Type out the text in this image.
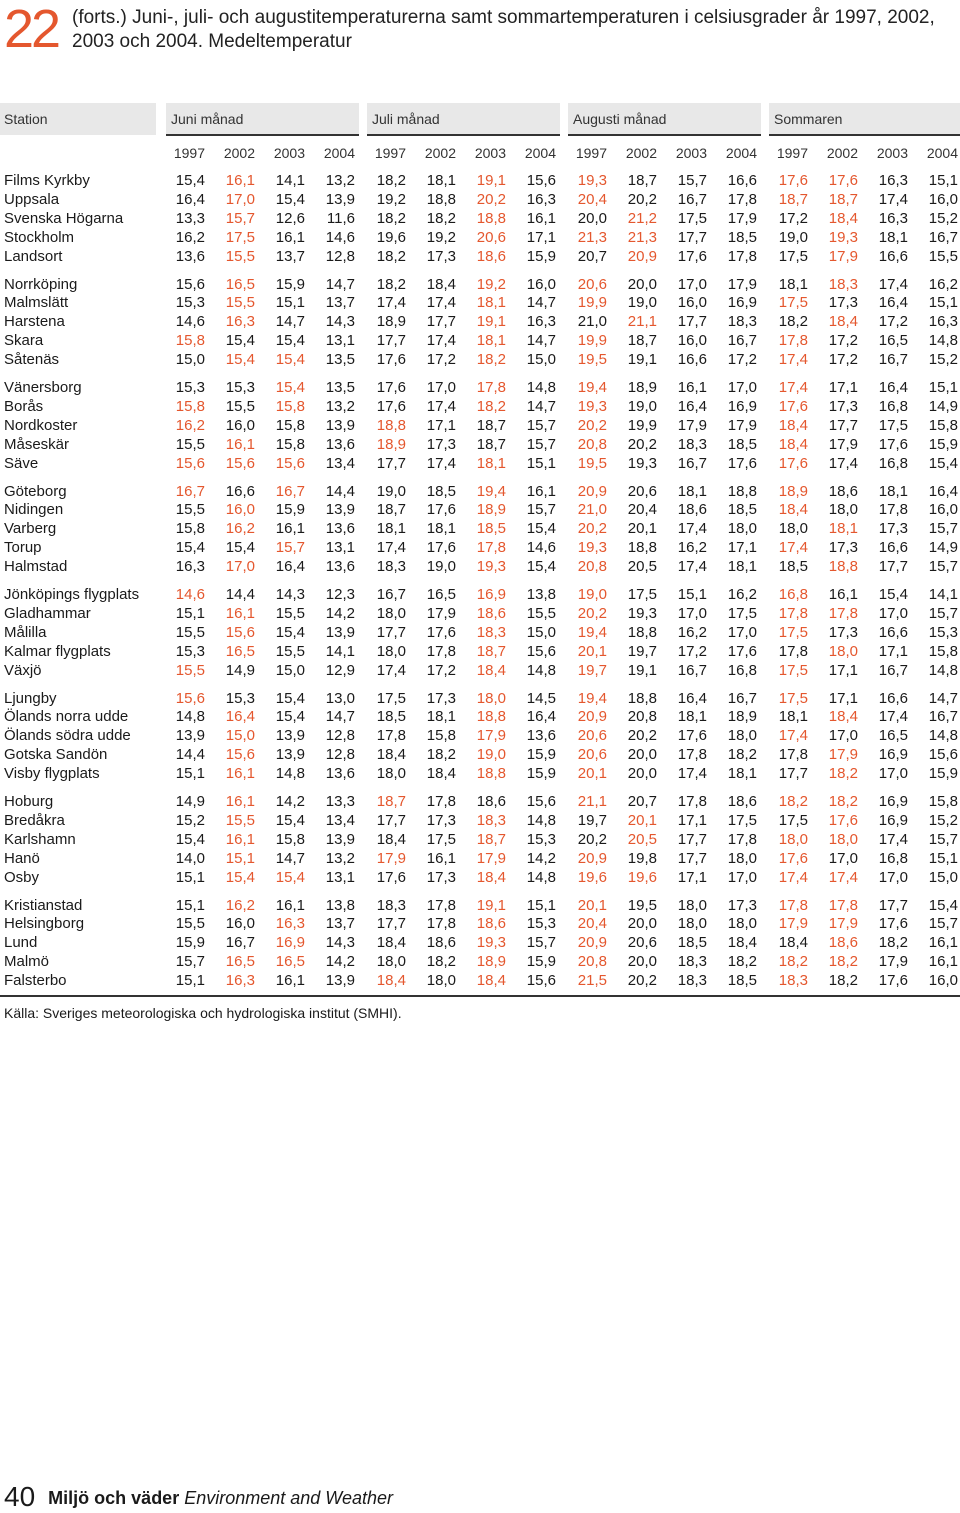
22 (forts.) Juni-, juli- och augustitemperaturerna samt sommartemperaturen i celsiusgrader år 1997, 2002, 2003 och 2004. Medeltemperatur
Station	Juni månad	Juli månad	Augusti månad	Sommaren
1997	2002	2003	2004	1997	2002	2003	2004	1997	2002	2003	2004	1997	2002	2003	2004
Films Kyrkby	15,4	16,1	14,1	13,2	18,2	18,1	19,1	15,6	19,3	18,7	15,7	16,6	17,6	17,6	16,3	15,1
Uppsala	16,4	17,0	15,4	13,9	19,2	18,8	20,2	16,3	20,4	20,2	16,7	17,8	18,7	18,7	17,4	16,0
Svenska Högarna	13,3	15,7	12,6	11,6	18,2	18,2	18,8	16,1	20,0	21,2	17,5	17,9	17,2	18,4	16,3	15,2
Stockholm	16,2	17,5	16,1	14,6	19,6	19,2	20,6	17,1	21,3	21,3	17,7	18,5	19,0	19,3	18,1	16,7
Landsort	13,6	15,5	13,7	12,8	18,2	17,3	18,6	15,9	20,7	20,9	17,6	17,8	17,5	17,9	16,6	15,5
Norrköping	15,6	16,5	15,9	14,7	18,2	18,4	19,2	16,0	20,6	20,0	17,0	17,9	18,1	18,3	17,4	16,2
Malmslätt	15,3	15,5	15,1	13,7	17,4	17,4	18,1	14,7	19,9	19,0	16,0	16,9	17,5	17,3	16,4	15,1
Harstena	14,6	16,3	14,7	14,3	18,9	17,7	19,1	16,3	21,0	21,1	17,7	18,3	18,2	18,4	17,2	16,3
Skara	15,8	15,4	15,4	13,1	17,7	17,4	18,1	14,7	19,9	18,7	16,0	16,7	17,8	17,2	16,5	14,8
Såtenäs	15,0	15,4	15,4	13,5	17,6	17,2	18,2	15,0	19,5	19,1	16,6	17,2	17,4	17,2	16,7	15,2
Vänersborg	15,3	15,3	15,4	13,5	17,6	17,0	17,8	14,8	19,4	18,9	16,1	17,0	17,4	17,1	16,4	15,1
Borås	15,8	15,5	15,8	13,2	17,6	17,4	18,2	14,7	19,3	19,0	16,4	16,9	17,6	17,3	16,8	14,9
Nordkoster	16,2	16,0	15,8	13,9	18,8	17,1	18,7	15,7	20,2	19,9	17,9	17,9	18,4	17,7	17,5	15,8
Måseskär	15,5	16,1	15,8	13,6	18,9	17,3	18,7	15,7	20,8	20,2	18,3	18,5	18,4	17,9	17,6	15,9
Säve	15,6	15,6	15,6	13,4	17,7	17,4	18,1	15,1	19,5	19,3	16,7	17,6	17,6	17,4	16,8	15,4
Göteborg	16,7	16,6	16,7	14,4	19,0	18,5	19,4	16,1	20,9	20,6	18,1	18,8	18,9	18,6	18,1	16,4
Nidingen	15,5	16,0	15,9	13,9	18,7	17,6	18,9	15,7	21,0	20,4	18,6	18,5	18,4	18,0	17,8	16,0
Varberg	15,8	16,2	16,1	13,6	18,1	18,1	18,5	15,4	20,2	20,1	17,4	18,0	18,0	18,1	17,3	15,7
Torup	15,4	15,4	15,7	13,1	17,4	17,6	17,8	14,6	19,3	18,8	16,2	17,1	17,4	17,3	16,6	14,9
Halmstad	16,3	17,0	16,4	13,6	18,3	19,0	19,3	15,4	20,8	20,5	17,4	18,1	18,5	18,8	17,7	15,7
Jönköpings flygplats	14,6	14,4	14,3	12,3	16,7	16,5	16,9	13,8	19,0	17,5	15,1	16,2	16,8	16,1	15,4	14,1
Gladhammar	15,1	16,1	15,5	14,2	18,0	17,9	18,6	15,5	20,2	19,3	17,0	17,5	17,8	17,8	17,0	15,7
Målilla	15,5	15,6	15,4	13,9	17,7	17,6	18,3	15,0	19,4	18,8	16,2	17,0	17,5	17,3	16,6	15,3
Kalmar flygplats	15,3	16,5	15,5	14,1	18,0	17,8	18,7	15,6	20,1	19,7	17,2	17,6	17,8	18,0	17,1	15,8
Växjö	15,5	14,9	15,0	12,9	17,4	17,2	18,4	14,8	19,7	19,1	16,7	16,8	17,5	17,1	16,7	14,8
Ljungby	15,6	15,3	15,4	13,0	17,5	17,3	18,0	14,5	19,4	18,8	16,4	16,7	17,5	17,1	16,6	14,7
Ölands norra udde	14,8	16,4	15,4	14,7	18,5	18,1	18,8	16,4	20,9	20,8	18,1	18,9	18,1	18,4	17,4	16,7
Ölands södra udde	13,9	15,0	13,9	12,8	17,8	15,8	17,9	13,6	20,6	20,2	17,6	18,0	17,4	17,0	16,5	14,8
Gotska Sandön	14,4	15,6	13,9	12,8	18,4	18,2	19,0	15,9	20,6	20,0	17,8	18,2	17,8	17,9	16,9	15,6
Visby flygplats	15,1	16,1	14,8	13,6	18,0	18,4	18,8	15,9	20,1	20,0	17,4	18,1	17,7	18,2	17,0	15,9
Hoburg	14,9	16,1	14,2	13,3	18,7	17,8	18,6	15,6	21,1	20,7	17,8	18,6	18,2	18,2	16,9	15,8
Bredåkra	15,2	15,5	15,4	13,4	17,7	17,3	18,3	14,8	19,7	20,1	17,1	17,5	17,5	17,6	16,9	15,2
Karlshamn	15,4	16,1	15,8	13,9	18,4	17,5	18,7	15,3	20,2	20,5	17,7	17,8	18,0	18,0	17,4	15,7
Hanö	14,0	15,1	14,7	13,2	17,9	16,1	17,9	14,2	20,9	19,8	17,7	18,0	17,6	17,0	16,8	15,1
Osby	15,1	15,4	15,4	13,1	17,6	17,3	18,4	14,8	19,6	19,6	17,1	17,0	17,4	17,4	17,0	15,0
Kristianstad	15,1	16,2	16,1	13,8	18,3	17,8	19,1	15,1	20,1	19,5	18,0	17,3	17,8	17,8	17,7	15,4
Helsingborg	15,5	16,0	16,3	13,7	17,7	17,8	18,6	15,3	20,4	20,0	18,0	18,0	17,9	17,9	17,6	15,7
Lund	15,9	16,7	16,9	14,3	18,4	18,6	19,3	15,7	20,9	20,6	18,5	18,4	18,4	18,6	18,2	16,1
Malmö	15,7	16,5	16,5	14,2	18,0	18,2	18,9	15,9	20,8	20,0	18,3	18,2	18,2	18,2	17,9	16,1
Falsterbo	15,1	16,3	16,1	13,9	18,4	18,0	18,4	15,6	21,5	20,2	18,3	18,5	18,3	18,2	17,6	16,0
Källa: Sveriges meteorologiska och hydrologiska institut (SMHI).
40 Miljö och väder Environment and Weather
